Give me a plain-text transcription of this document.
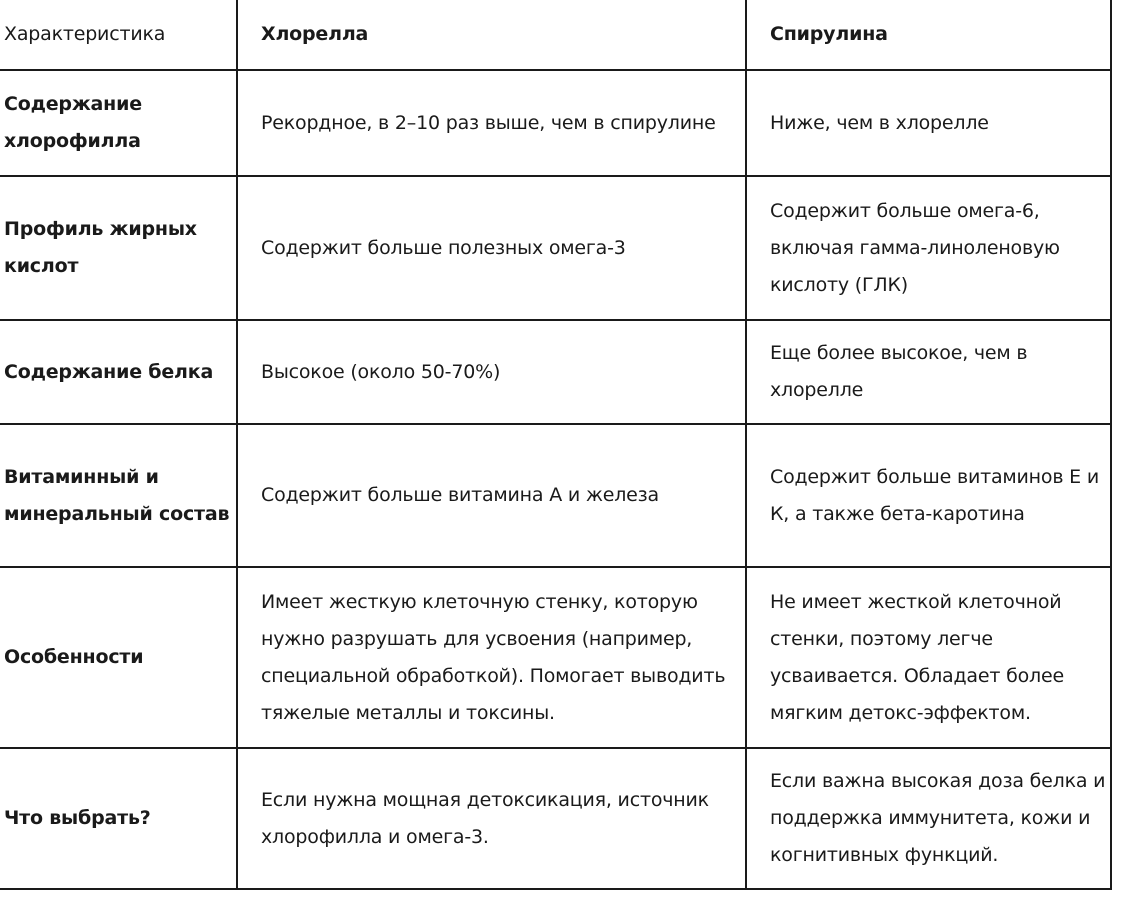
Характеристика	Хлорелла	Спирулина
Содержание хлорофилла	Рекордное, в 2–10 раз выше, чем в спирулине	Ниже, чем в хлорелле
Профиль жирных кислот	Содержит больше полезных омега-3	Содержит больше омега-6, включая гамма-линоленовую кислоту (ГЛК)
Содержание белка	Высокое (около 50-70%)	Еще более высокое, чем в хлорелле
Витаминный и минеральный состав	Содержит больше витамина А и железа	Содержит больше витаминов Е и К, а также бета-каротина
Особенности	Имеет жесткую клеточную стенку, которую нужно разрушать для усвоения (например, специальной обработкой). Помогает выводить тяжелые металлы и токсины.	Не имеет жесткой клеточной стенки, поэтому легче усваивается. Обладает более мягким детокс-эффектом.
Что выбрать?	Если нужна мощная детоксикация, источник хлорофилла и омега-3.	Если важна высокая доза белка и поддержка иммунитета, кожи и когнитивных функций.
